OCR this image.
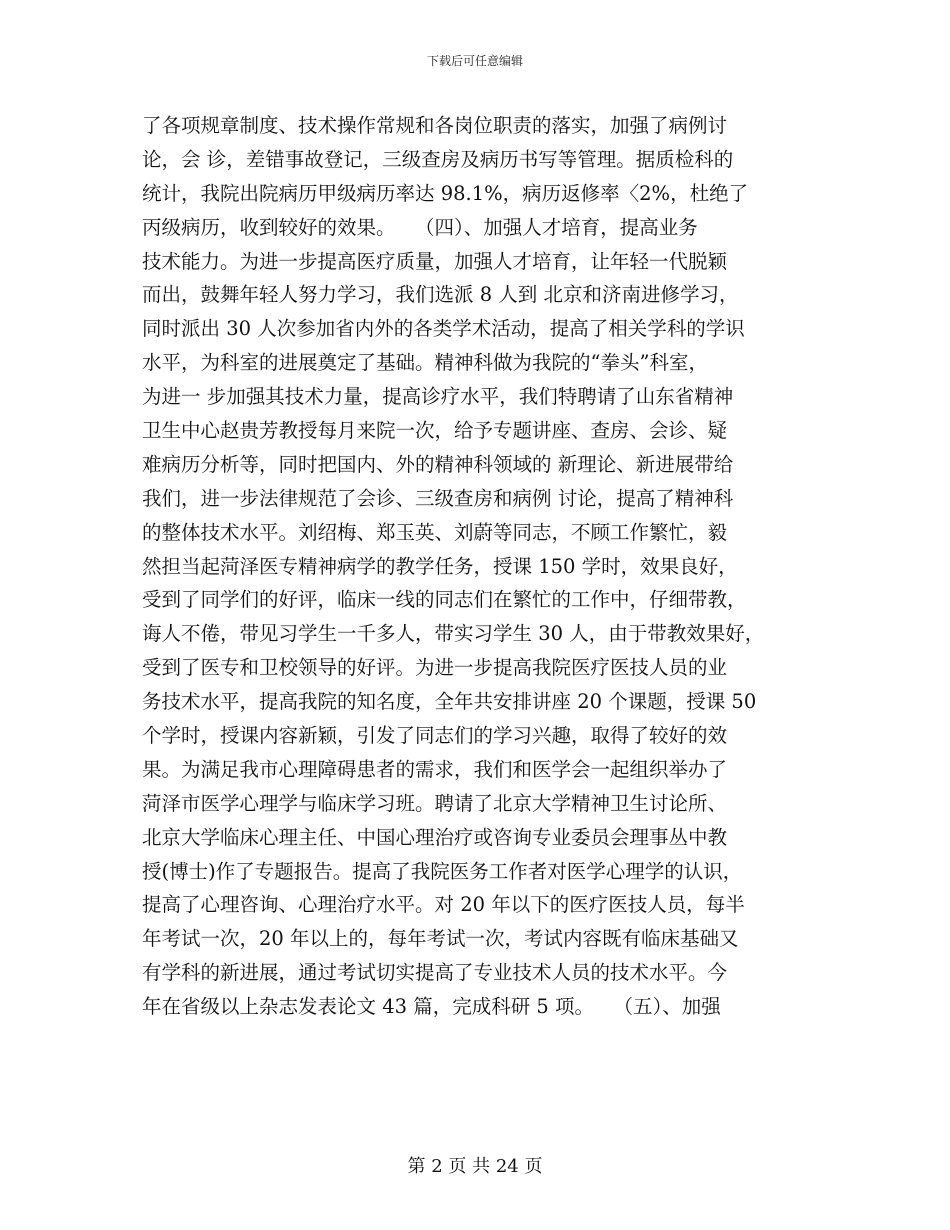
下载后可任意编辑
了各项规章制度、技术操作常规和各岗位职责的落实，加强了病例讨
论，会 诊，差错事故登记，三级查房及病历书写等管理。据质检科的
统计，我院出院病历甲级病历率达 98.1%，病历返修率〈2%，杜绝了
丙级病历，收到较好的效果。　　（四）、加强人才培育，提高业务
技术能力。为进一步提高医疗质量，加强人才培育，让年轻一代脱颖
而出，鼓舞年轻人努力学习，我们选派 8 人到 北京和济南进修学习，
同时派出 30 人次参加省内外的各类学术活动，提高了相关学科的学识
水平，为科室的进展奠定了基础。精神科做为我院的“拳头”科室，
为进一 步加强其技术力量，提高诊疗水平，我们特聘请了山东省精神
卫生中心赵贵芳教授每月来院一次，给予专题讲座、查房、会诊、疑
难病历分析等，同时把国内、外的精神科领域的 新理论、新进展带给
我们，进一步法律规范了会诊、三级查房和病例 讨论，提高了精神科
的整体技术水平。刘绍梅、郑玉英、刘蔚等同志，不顾工作繁忙，毅
然担当起菏泽医专精神病学的教学任务，授课 150 学时，效果良好，
受到了同学们的好评，临床一线的同志们在繁忙的工作中，仔细带教，
诲人不倦，带见习学生一千多人，带实习学生 30 人，由于带教效果好，
受到了医专和卫校领导的好评。为进一步提高我院医疗医技人员的业
务技术水平，提高我院的知名度，全年共安排讲座 20 个课题，授课 50
个学时，授课内容新颖，引发了同志们的学习兴趣，取得了较好的效
果。为满足我市心理障碍患者的需求，我们和医学会一起组织举办了
菏泽市医学心理学与临床学习班。聘请了北京大学精神卫生讨论所、
北京大学临床心理主任、中国心理治疗或咨询专业委员会理事丛中教
授(博士)作了专题报告。提高了我院医务工作者对医学心理学的认识，
提高了心理咨询、心理治疗水平。对 20 年以下的医疗医技人员，每半
年考试一次，20 年以上的，每年考试一次，考试内容既有临床基础又
有学科的新进展，通过考试切实提高了专业技术人员的技术水平。今
年在省级以上杂志发表论文 43 篇，完成科研 5 项。　　（五）、加强
第 2 页 共 24 页
